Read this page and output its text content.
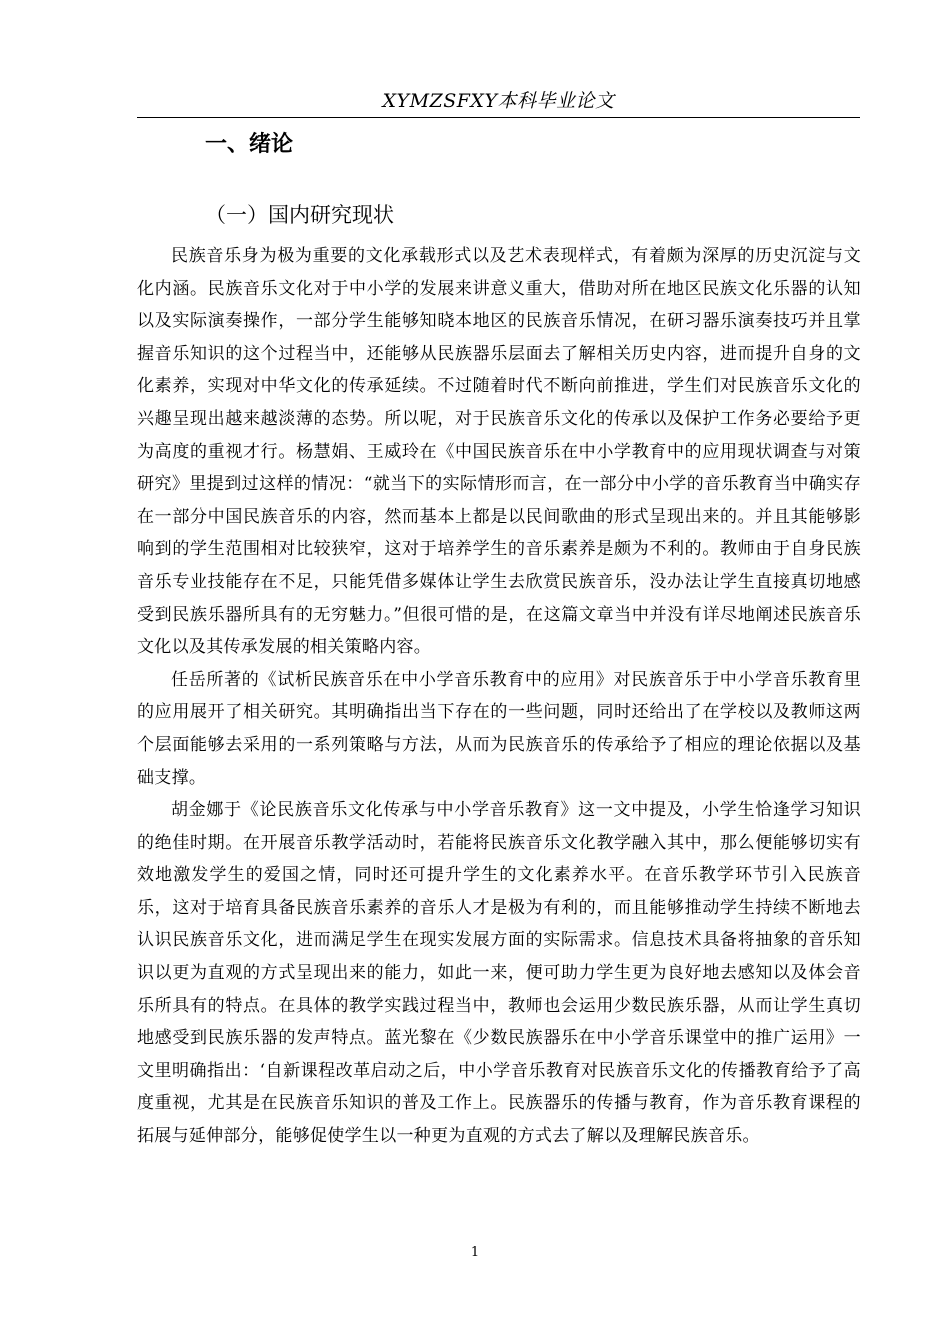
XYMZSFXY本科毕业论文
一、绪论
（一）国内研究现状

民族音乐身为极为重要的文化承载形式以及艺术表现样式，有着颇为深厚的历史沉淀与文化内涵。民族音乐文化对于中小学的发展来讲意义重大，借助对所在地区民族文化乐器的认知以及实际演奏操作，一部分学生能够知晓本地区的民族音乐情况，在研习器乐演奏技巧并且掌握音乐知识的这个过程当中，还能够从民族器乐层面去了解相关历史内容，进而提升自身的文化素养，实现对中华文化的传承延续。不过随着时代不断向前推进，学生们对民族音乐文化的兴趣呈现出越来越淡薄的态势。所以呢，对于民族音乐文化的传承以及保护工作务必要给予更为高度的重视才行。杨慧娟、王威玲在《中国民族音乐在中小学教育中的应用现状调查与对策研究》里提到过这样的情况：“就当下的实际情形而言，在一部分中小学的音乐教育当中确实存在一部分中国民族音乐的内容，然而基本上都是以民间歌曲的形式呈现出来的。并且其能够影响到的学生范围相对比较狭窄，这对于培养学生的音乐素养是颇为不利的。教师由于自身民族音乐专业技能存在不足，只能凭借多媒体让学生去欣赏民族音乐，没办法让学生直接真切地感受到民族乐器所具有的无穷魅力。”但很可惜的是，在这篇文章当中并没有详尽地阐述民族音乐文化以及其传承发展的相关策略内容。

任岳所著的《试析民族音乐在中小学音乐教育中的应用》对民族音乐于中小学音乐教育里的应用展开了相关研究。其明确指出当下存在的一些问题，同时还给出了在学校以及教师这两个层面能够去采用的一系列策略与方法，从而为民族音乐的传承给予了相应的理论依据以及基础支撑。

胡金娜于《论民族音乐文化传承与中小学音乐教育》这一文中提及，小学生恰逢学习知识的绝佳时期。在开展音乐教学活动时，若能将民族音乐文化教学融入其中，那么便能够切实有效地激发学生的爱国之情，同时还可提升学生的文化素养水平。在音乐教学环节引入民族音乐，这对于培育具备民族音乐素养的音乐人才是极为有利的，而且能够推动学生持续不断地去认识民族音乐文化，进而满足学生在现实发展方面的实际需求。信息技术具备将抽象的音乐知识以更为直观的方式呈现出来的能力，如此一来，便可助力学生更为良好地去感知以及体会音乐所具有的特点。在具体的教学实践过程当中，教师也会运用少数民族乐器，从而让学生真切地感受到民族乐器的发声特点。蓝光黎在《少数民族器乐在中小学音乐课堂中的推广运用》一文里明确指出：‘自新课程改革启动之后，中小学音乐教育对民族音乐文化的传播教育给予了高度重视，尤其是在民族音乐知识的普及工作上。民族器乐的传播与教育，作为音乐教育课程的拓展与延伸部分，能够促使学生以一种更为直观的方式去了解以及理解民族音乐。

1
